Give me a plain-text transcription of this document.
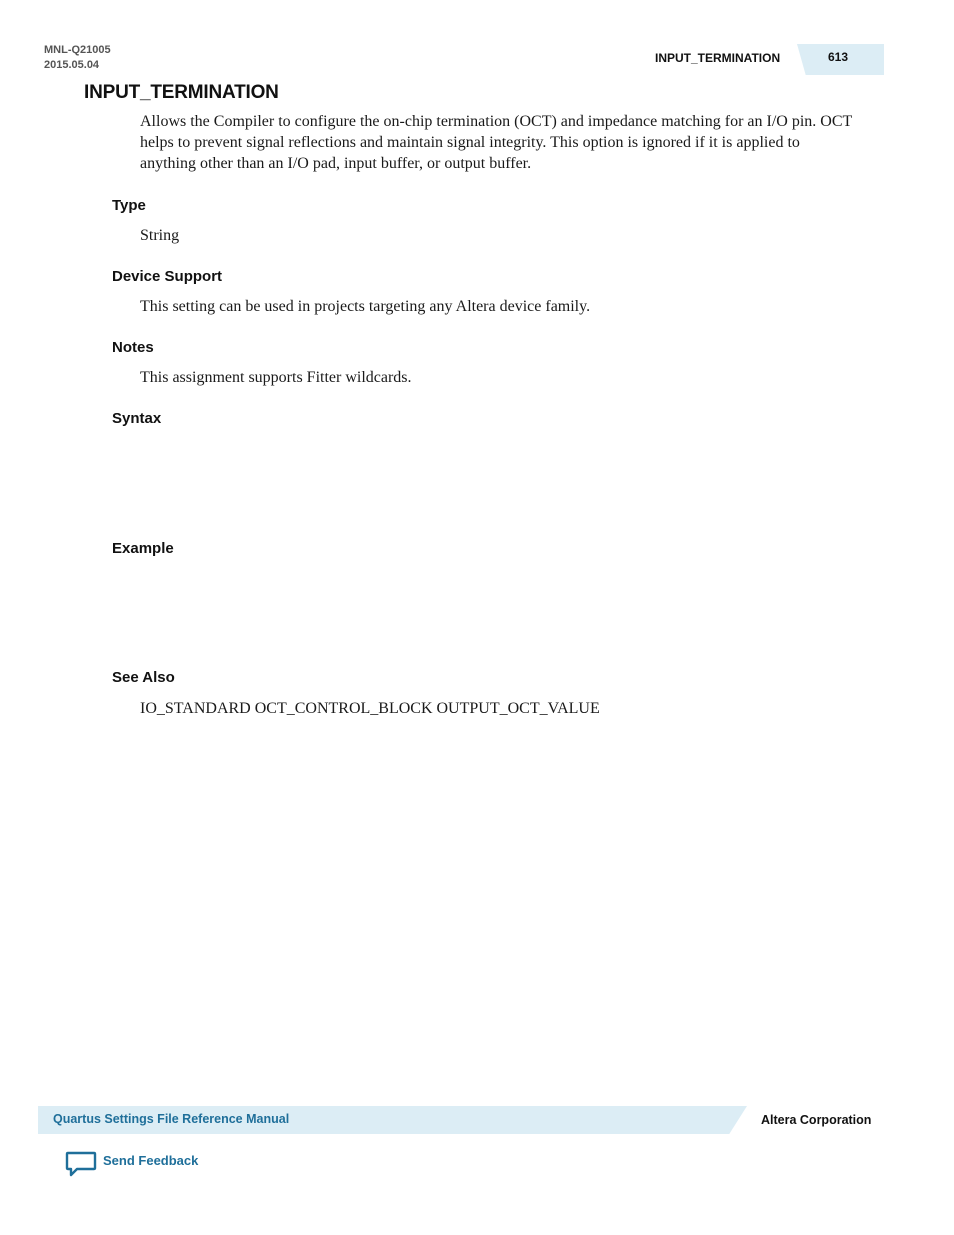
MNL-Q21005
2015.05.04	INPUT_TERMINATION	613
INPUT_TERMINATION
Allows the Compiler to configure the on-chip termination (OCT) and impedance matching for an I/O pin. OCT helps to prevent signal reflections and maintain signal integrity. This option is ignored if it is applied to anything other than an I/O pad, input buffer, or output buffer.
Type
String
Device Support
This setting can be used in projects targeting any Altera device family.
Notes
This assignment supports Fitter wildcards.
Syntax
Example
See Also
IO_STANDARD OCT_CONTROL_BLOCK OUTPUT_OCT_VALUE
Quartus Settings File Reference Manual	Altera Corporation
Send Feedback
